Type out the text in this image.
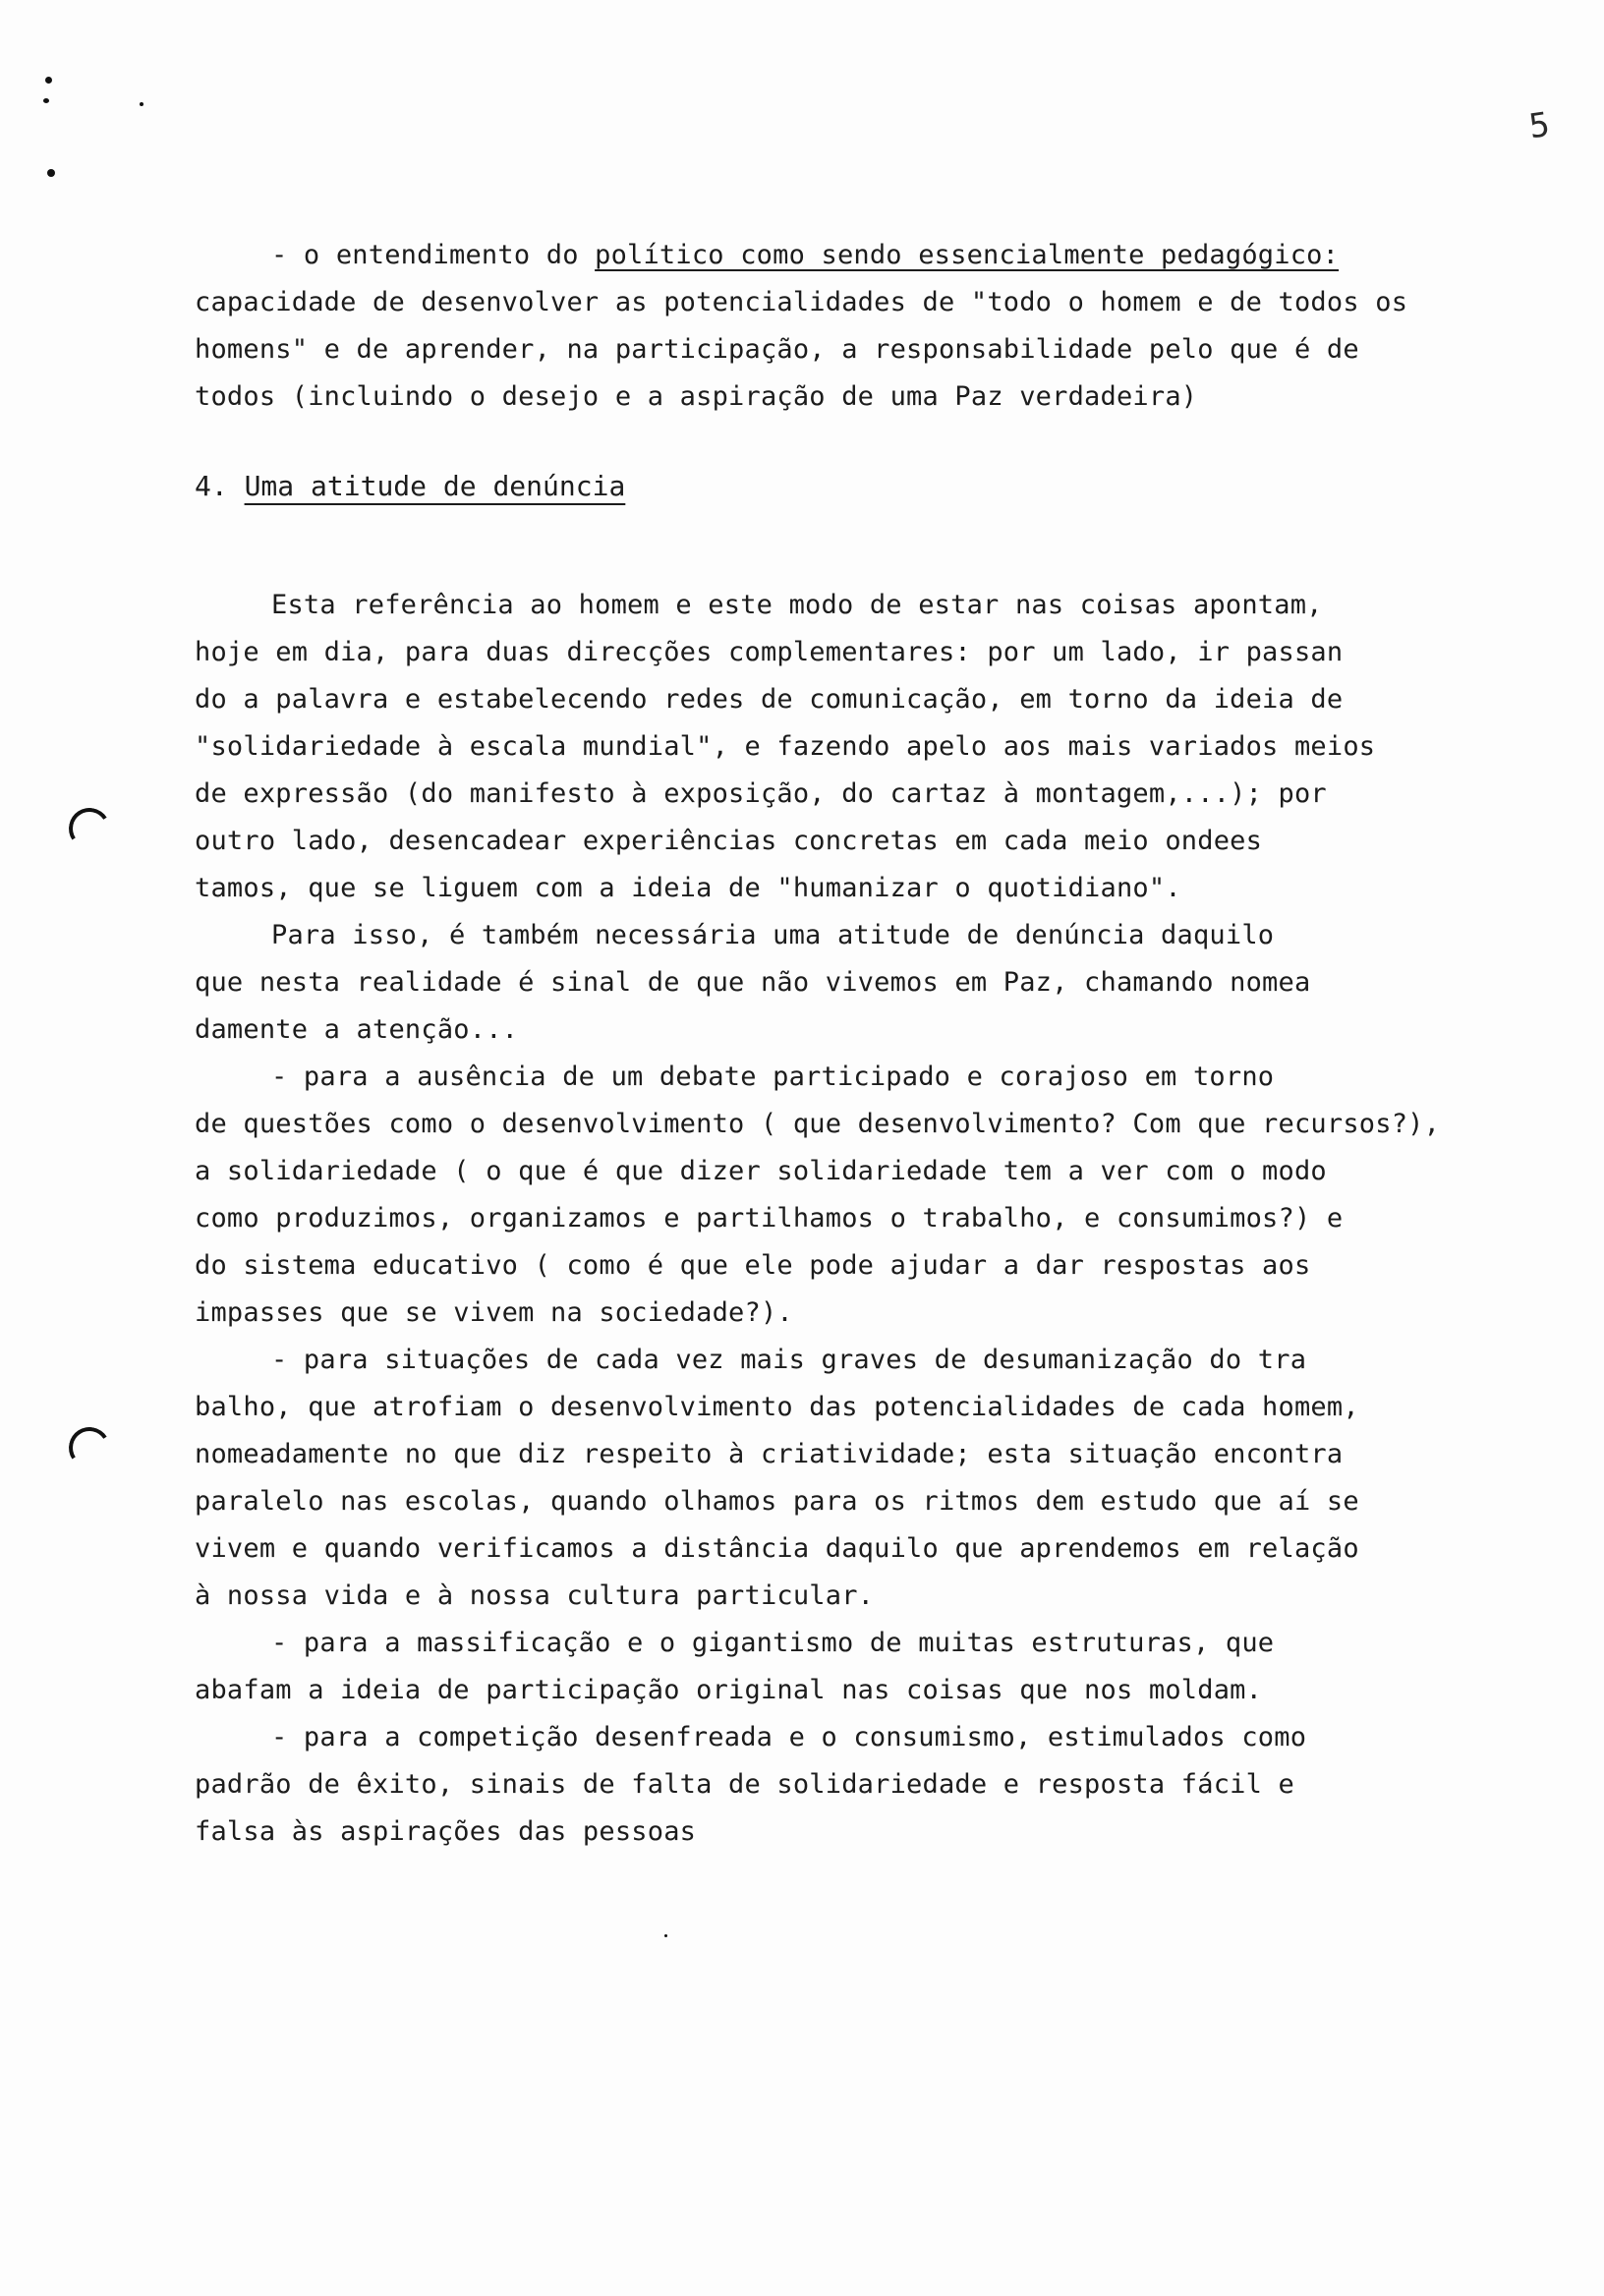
5
- o entendimento do político como sendo essencialmente pedagógico:
capacidade de desenvolver as potencialidades de "todo o homem e de todos os
homens" e de aprender, na participação, a responsabilidade pelo que é de
todos (incluindo o desejo e a aspiração de uma Paz verdadeira)
4. Uma atitude de denúncia
Esta referência ao homem e este modo de estar nas coisas apontam,
hoje em dia, para duas direcções complementares: por um lado, ir passan
do a palavra e estabelecendo redes de comunicação, em torno da ideia de
"solidariedade à escala mundial", e fazendo apelo aos mais variados meios
de expressão (do manifesto à exposição, do cartaz à montagem,...); por
outro lado, desencadear experiências concretas em cada meio ondees
tamos, que se liguem com a ideia de "humanizar o quotidiano".
Para isso, é também necessária uma atitude de denúncia daquilo
que nesta realidade é sinal de que não vivemos em Paz, chamando nomea
damente a atenção...
- para a ausência de um debate participado e corajoso em torno
de questões como o desenvolvimento ( que desenvolvimento? Com que recursos?),
a solidariedade ( o que é que dizer solidariedade tem a ver com o modo
como produzimos, organizamos e partilhamos o trabalho, e consumimos?) e
do sistema educativo ( como é que ele pode ajudar a dar respostas aos
impasses que se vivem na sociedade?).
- para situações de cada vez mais graves de desumanização do tra
balho, que atrofiam o desenvolvimento das potencialidades de cada homem,
nomeadamente no que diz respeito à criatividade; esta situação encontra
paralelo nas escolas, quando olhamos para os ritmos dem estudo que aí se
vivem e quando verificamos a distância daquilo que aprendemos em relação
à nossa vida e à nossa cultura particular.
- para a massificação e o gigantismo de muitas estruturas, que
abafam a ideia de participação original nas coisas que nos moldam.
- para a competição desenfreada e o consumismo, estimulados como
padrão de êxito, sinais de falta de solidariedade e resposta fácil e
falsa às aspirações das pessoas
